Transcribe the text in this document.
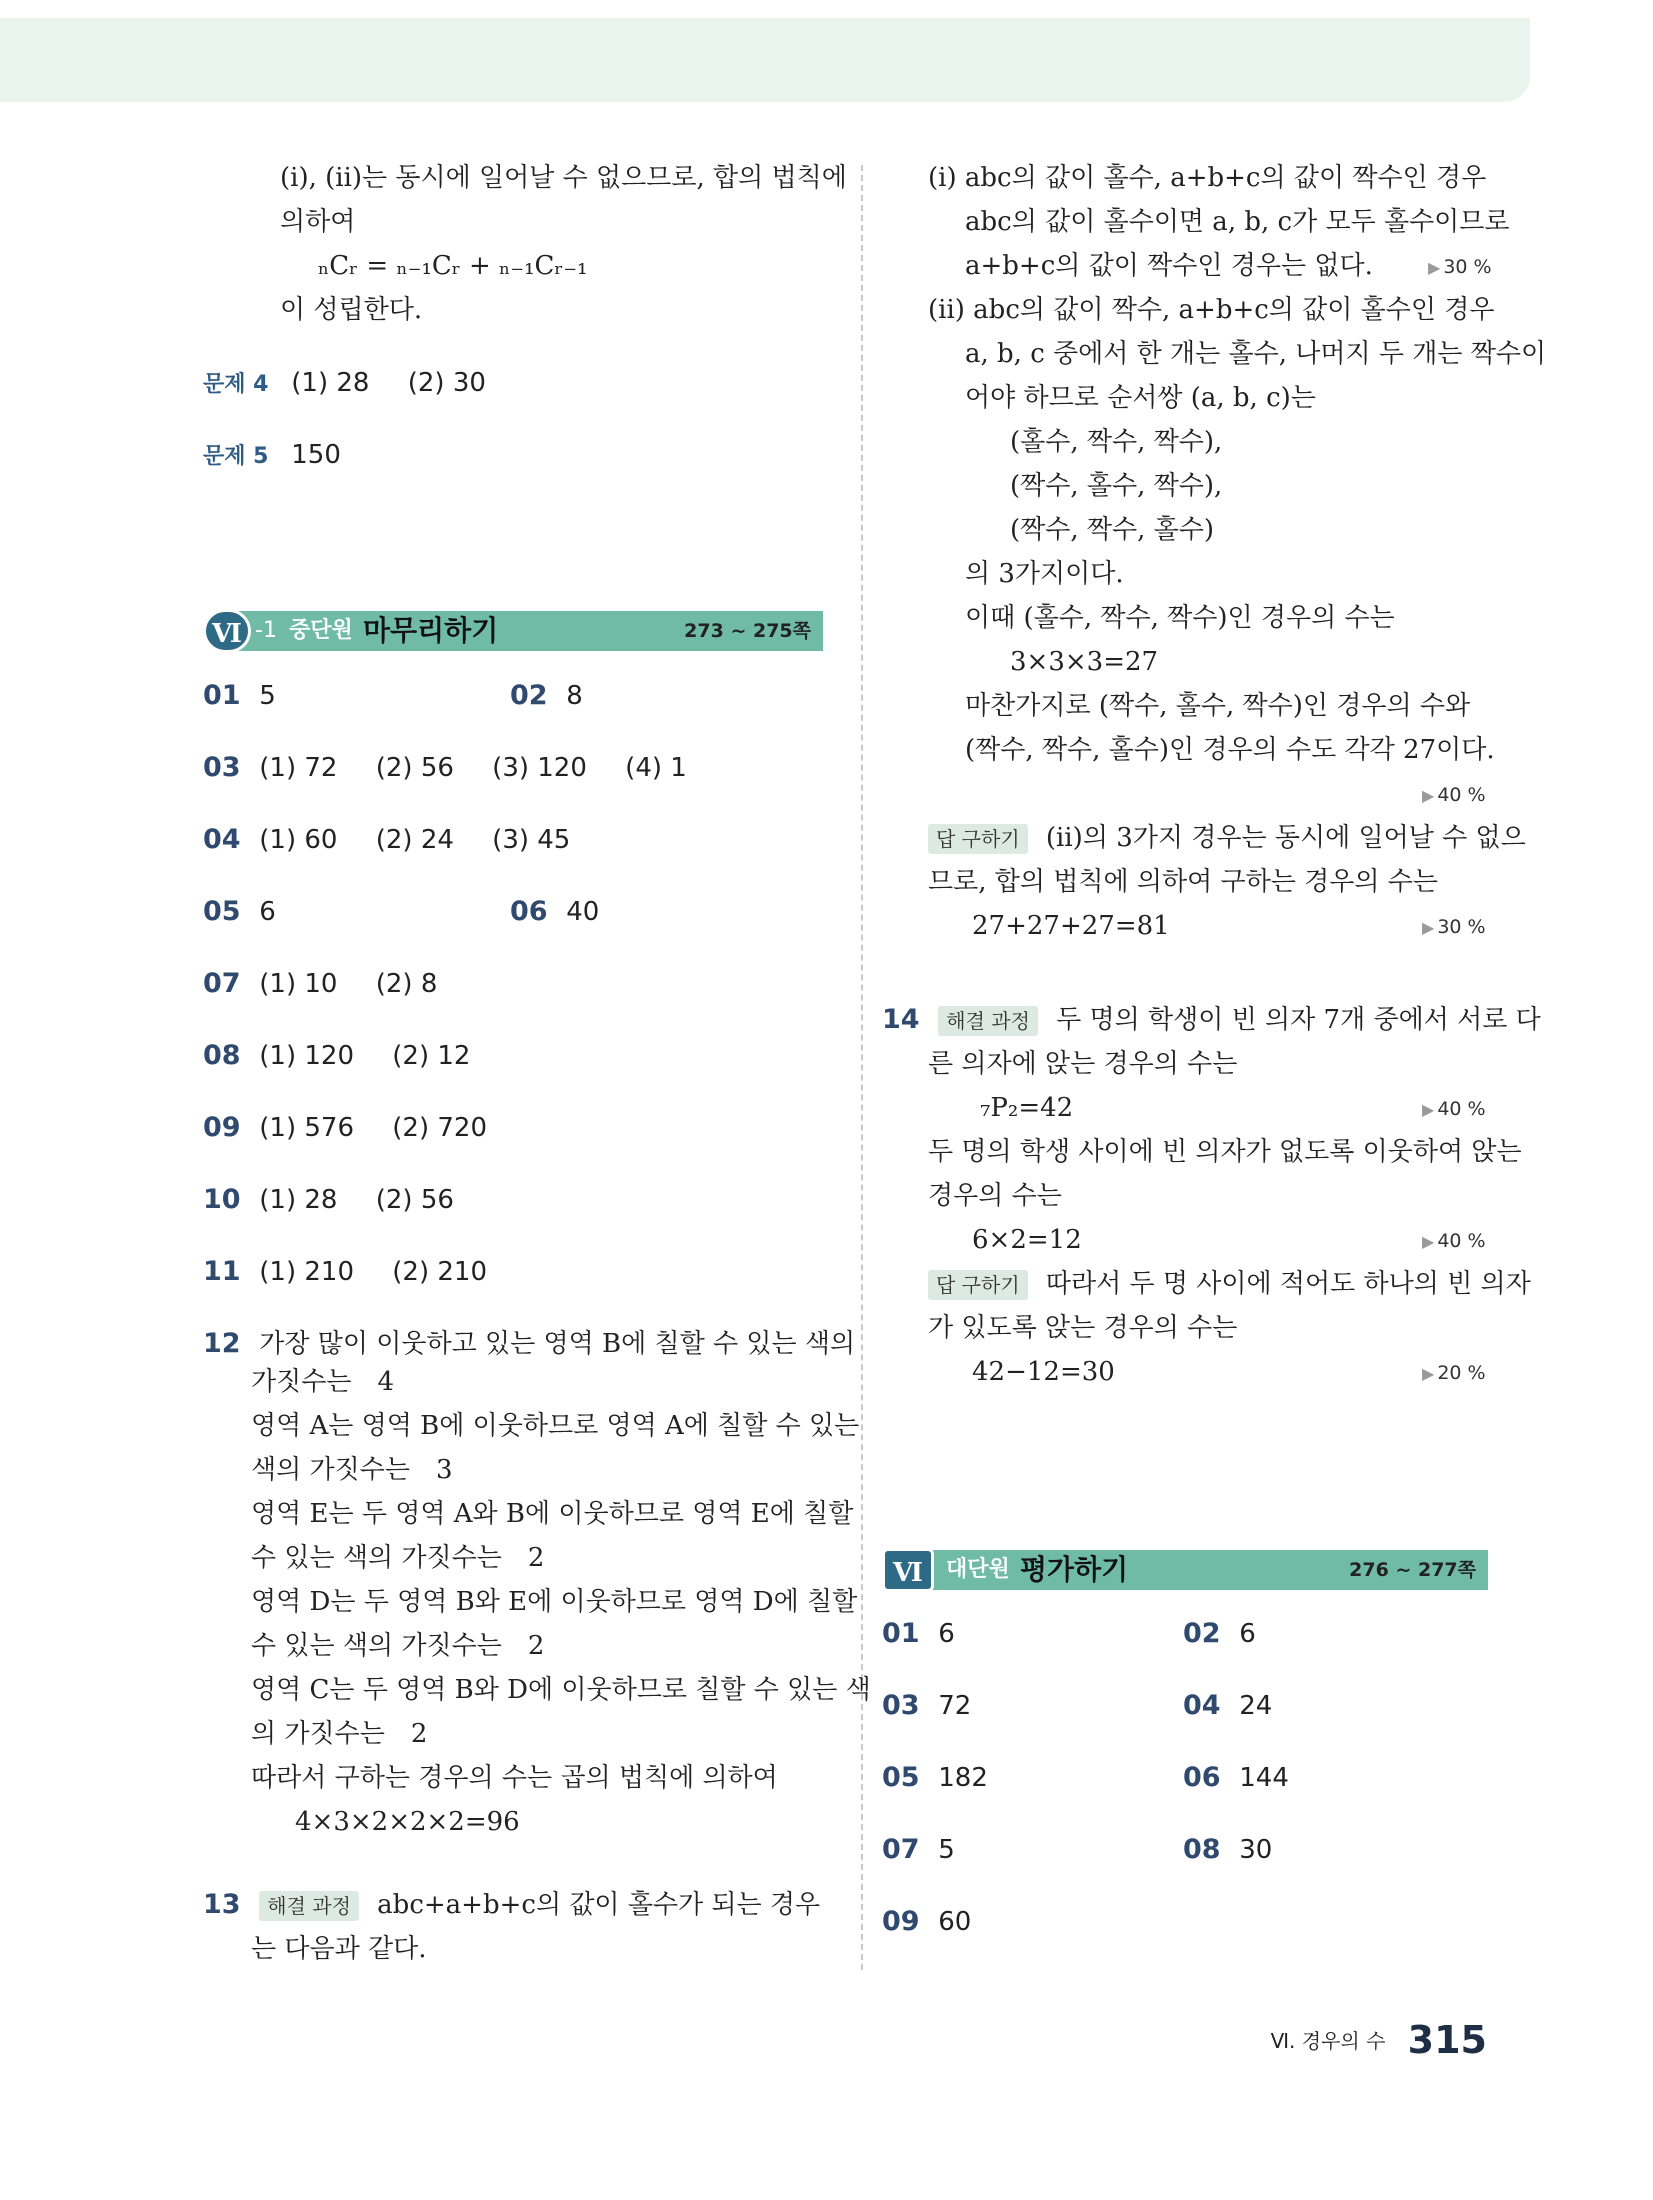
(ⅰ), (ⅱ)는 동시에 일어날 수 없으므로, 합의 법칙에
의하여
ₙCᵣ = ₙ₋₁Cᵣ + ₙ₋₁Cᵣ₋₁
이 성립한다.
문제 4 (1) 28 (2) 30
문제 5 150
Ⅵ -1 중단원 마무리하기	273 ~ 275쪽
01 5	02 8
03 (1) 72 (2) 56 (3) 120 (4) 1
04 (1) 60 (2) 24 (3) 45
05 6	06 40
07 (1) 10 (2) 8
08 (1) 120 (2) 12
09 (1) 576 (2) 720
10 (1) 28 (2) 56
11 (1) 210 (2) 210
12 가장 많이 이웃하고 있는 영역 B에 칠할 수 있는 색의
가짓수는　4
영역 A는 영역 B에 이웃하므로 영역 A에 칠할 수 있는
색의 가짓수는　3
영역 E는 두 영역 A와 B에 이웃하므로 영역 E에 칠할
수 있는 색의 가짓수는　2
영역 D는 두 영역 B와 E에 이웃하므로 영역 D에 칠할
수 있는 색의 가짓수는　2
영역 C는 두 영역 B와 D에 이웃하므로 칠할 수 있는 색
의 가짓수는　2
따라서 구하는 경우의 수는 곱의 법칙에 의하여
4×3×2×2×2=96
13 해결 과정 abc+a+b+c의 값이 홀수가 되는 경우
는 다음과 같다.
(ⅰ) abc의 값이 홀수, a+b+c의 값이 짝수인 경우
abc의 값이 홀수이면 a, b, c가 모두 홀수이므로
a+b+c의 값이 짝수인 경우는 없다.	▶ 30 %
(ⅱ) abc의 값이 짝수, a+b+c의 값이 홀수인 경우
a, b, c 중에서 한 개는 홀수, 나머지 두 개는 짝수이
어야 하므로 순서쌍 (a, b, c)는
(홀수, 짝수, 짝수),
(짝수, 홀수, 짝수),
(짝수, 짝수, 홀수)
의 3가지이다.
이때 (홀수, 짝수, 짝수)인 경우의 수는
3×3×3=27
마찬가지로 (짝수, 홀수, 짝수)인 경우의 수와
(짝수, 짝수, 홀수)인 경우의 수도 각각 27이다.
▶ 40 %
답 구하기 (ⅱ)의 3가지 경우는 동시에 일어날 수 없으
므로, 합의 법칙에 의하여 구하는 경우의 수는
27+27+27=81	▶ 30 %
14 해결 과정 두 명의 학생이 빈 의자 7개 중에서 서로 다
른 의자에 앉는 경우의 수는
₇P₂=42	▶ 40 %
두 명의 학생 사이에 빈 의자가 없도록 이웃하여 앉는
경우의 수는
6×2=12	▶ 40 %
답 구하기 따라서 두 명 사이에 적어도 하나의 빈 의자
가 있도록 앉는 경우의 수는
42−12=30	▶ 20 %
Ⅵ	대단원 평가하기	276 ~ 277쪽
01 6	02 6
03 72	04 24
05 182	06 144
07 5	08 30
09 60
Ⅵ. 경우의 수 315
